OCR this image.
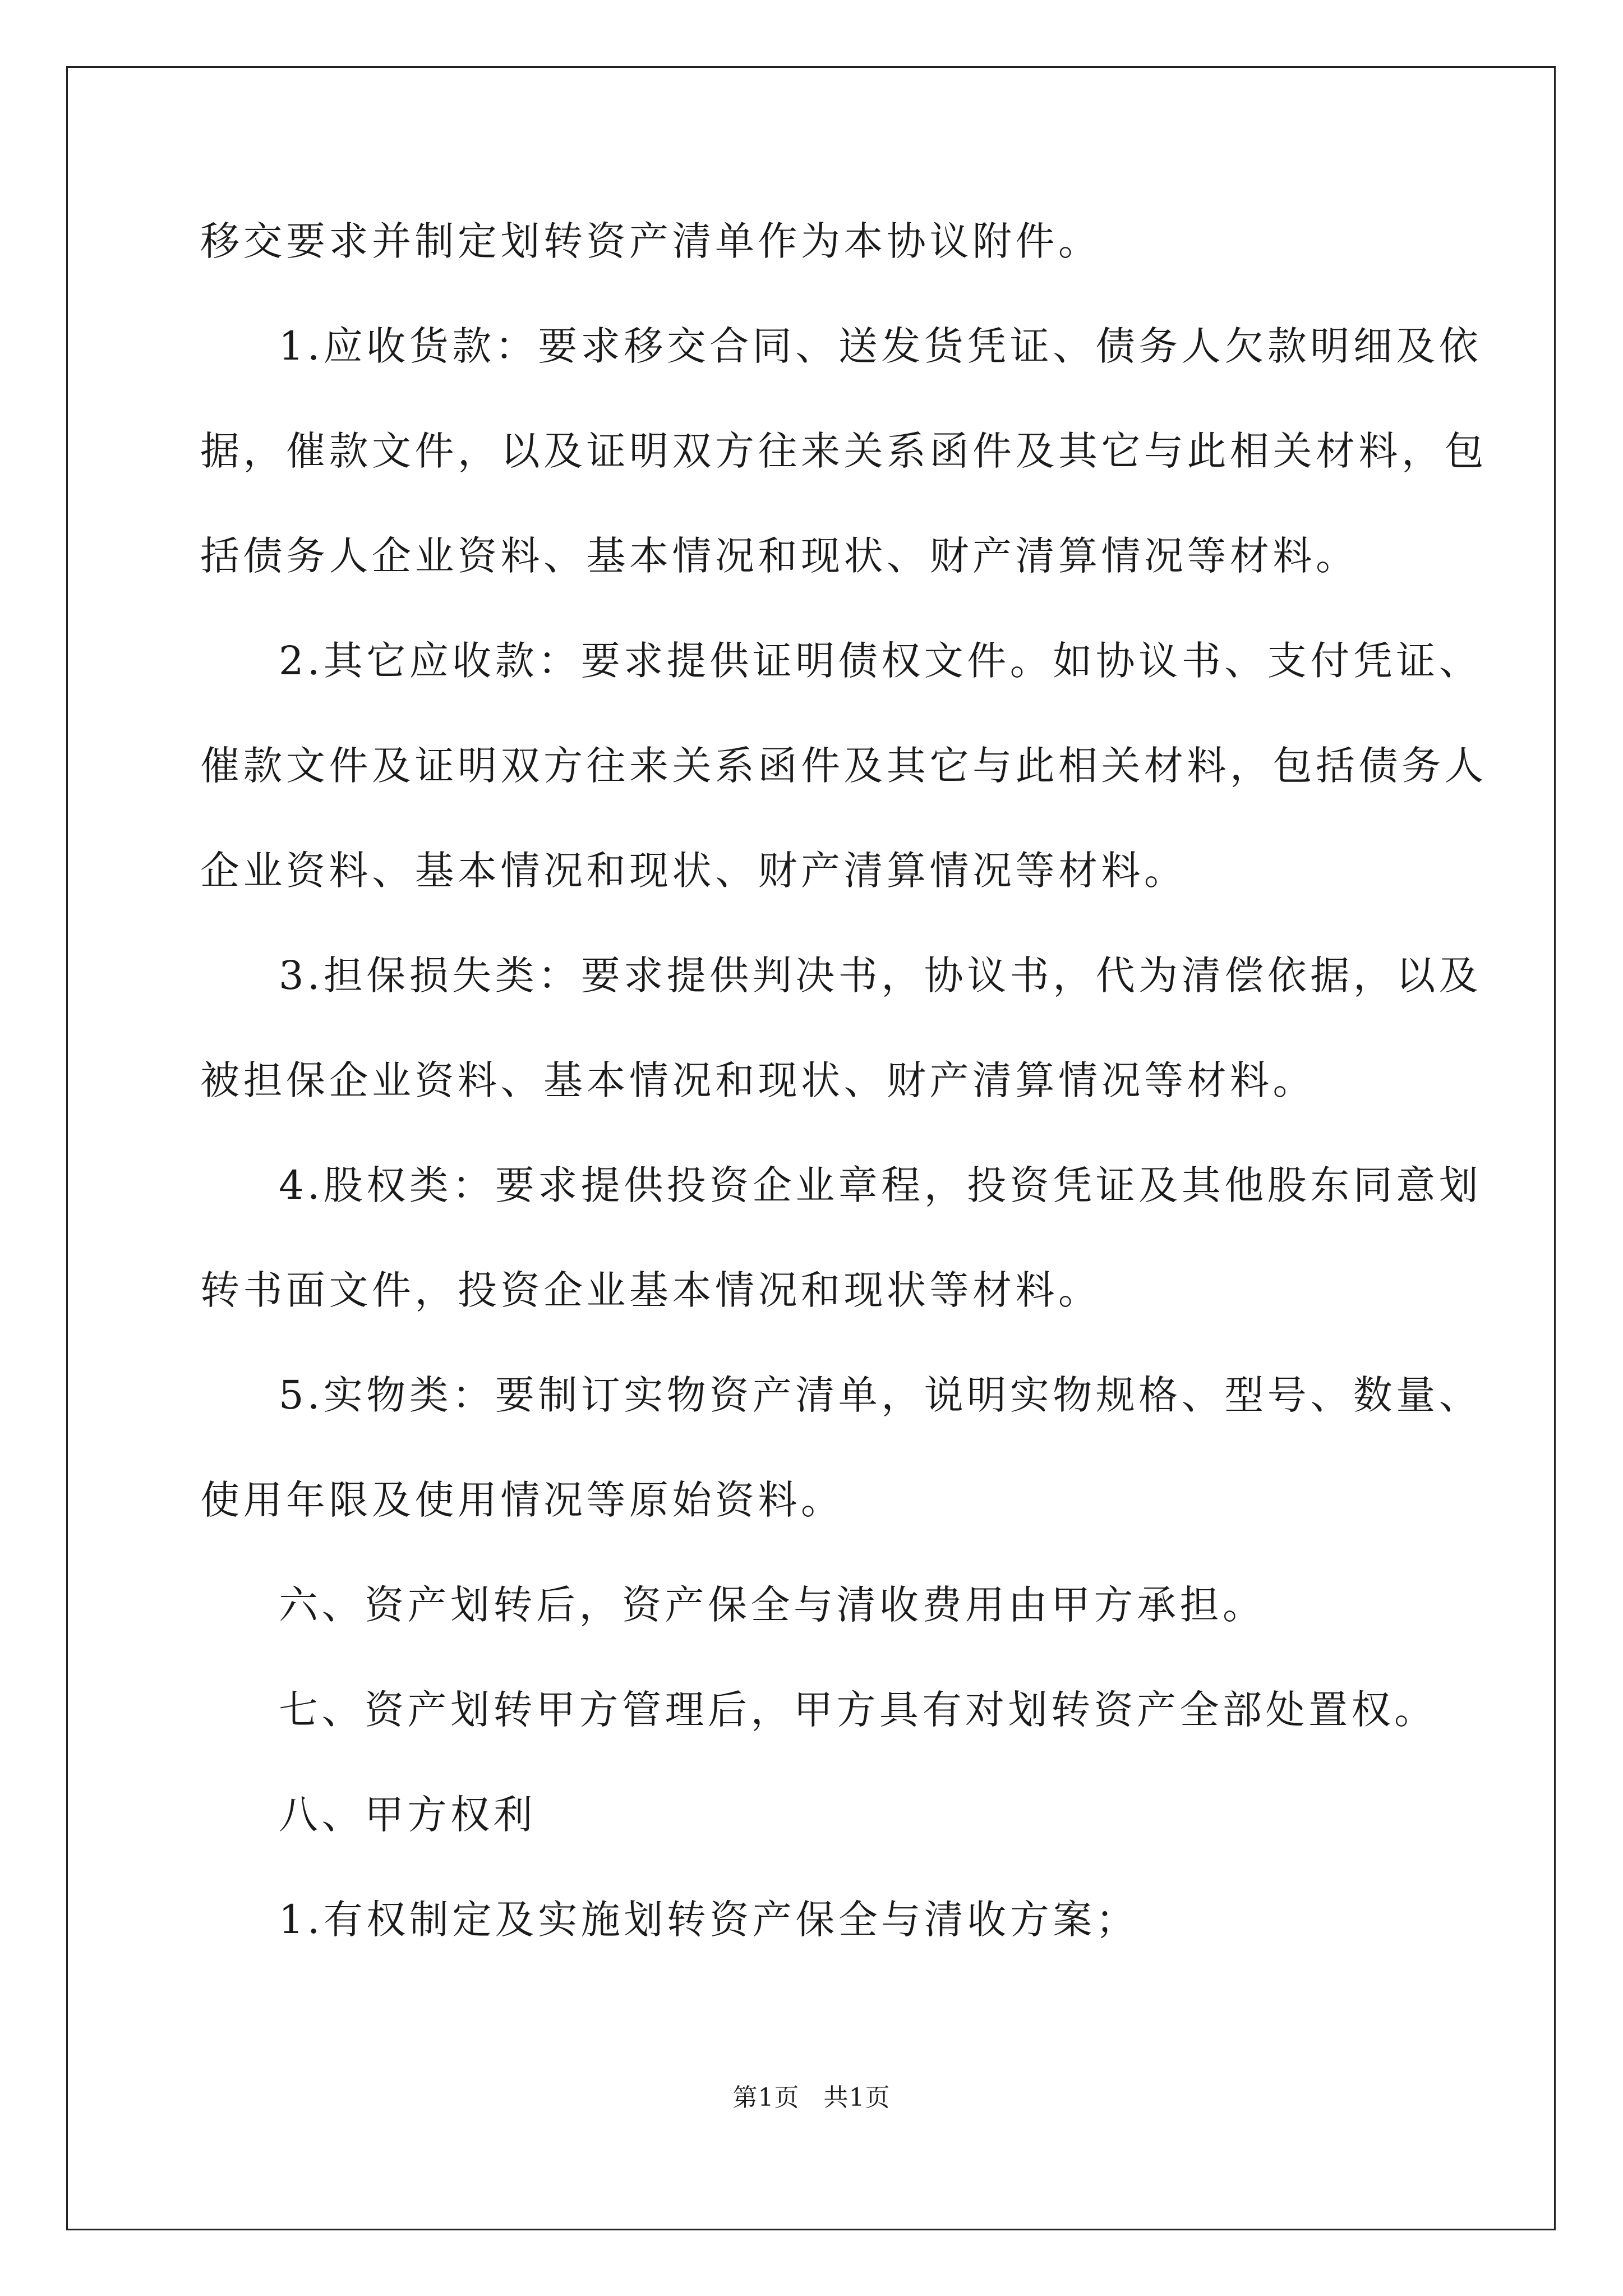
移交要求并制定划转资产清单作为本协议附件。

1.应收货款：要求移交合同、送发货凭证、债务人欠款明细及依

据，催款文件，以及证明双方往来关系函件及其它与此相关材料，包

括债务人企业资料、基本情况和现状、财产清算情况等材料。

2.其它应收款：要求提供证明债权文件。如协议书、支付凭证、

催款文件及证明双方往来关系函件及其它与此相关材料，包括债务人

企业资料、基本情况和现状、财产清算情况等材料。

3.担保损失类：要求提供判决书，协议书，代为清偿依据，以及

被担保企业资料、基本情况和现状、财产清算情况等材料。

4.股权类：要求提供投资企业章程，投资凭证及其他股东同意划

转书面文件，投资企业基本情况和现状等材料。

5.实物类：要制订实物资产清单，说明实物规格、型号、数量、

使用年限及使用情况等原始资料。

六、资产划转后，资产保全与清收费用由甲方承担。

七、资产划转甲方管理后，甲方具有对划转资产全部处置权。

八、甲方权利

1.有权制定及实施划转资产保全与清收方案；

第1页 共1页
